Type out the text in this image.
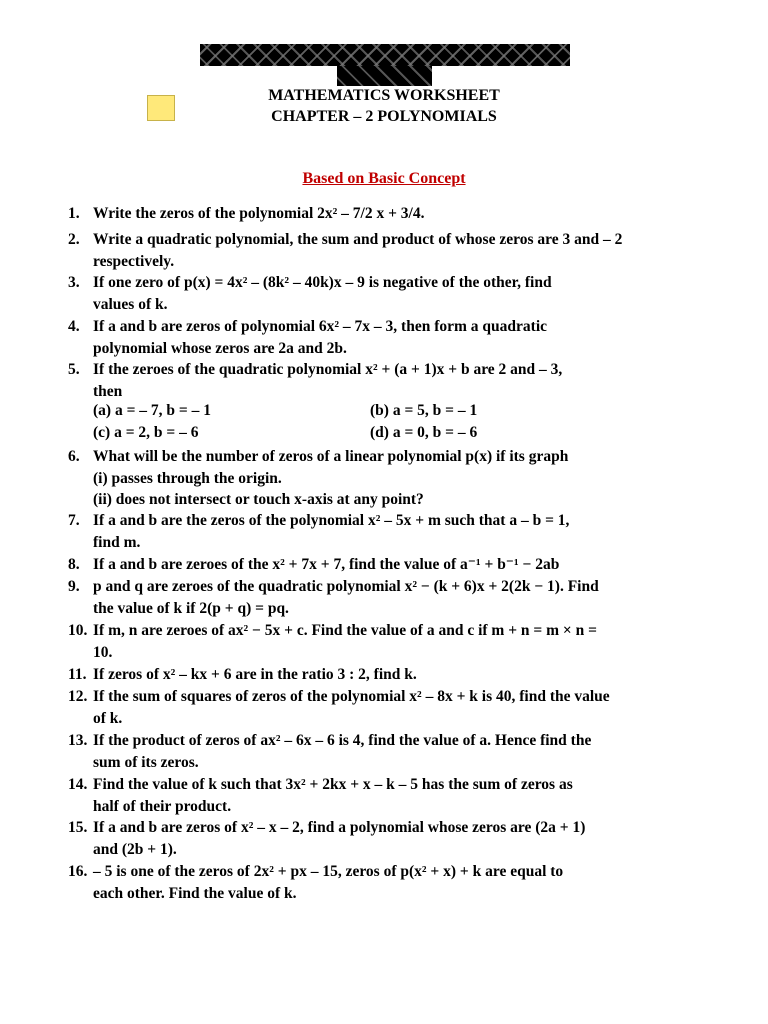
MATHEMATICS WORKSHEET
CHAPTER – 2 POLYNOMIALS
Based on Basic Concept
1. Write the zeros of the polynomial 2x² – 7/2 x + 3/4.
2. Write a quadratic polynomial, the sum and product of whose zeros are 3 and – 2
respectively.
3. If one zero of p(x) = 4x² – (8k² – 40k)x – 9 is negative of the other, find
values of k.
4. If a and b are zeros of polynomial 6x² – 7x – 3, then form a quadratic
polynomial whose zeros are 2a and 2b.
5. If the zeroes of the quadratic polynomial x² + (a + 1)x + b are 2 and – 3,
then
(a) a = – 7, b = – 1	(b) a = 5, b = – 1
(c) a = 2, b = – 6	(d) a = 0, b = – 6
6. What will be the number of zeros of a linear polynomial p(x) if its graph
(i) passes through the origin.
(ii) does not intersect or touch x-axis at any point?
7. If a and b are the zeros of the polynomial x² – 5x + m such that a – b = 1,
find m.
8. If a and b are zeroes of the x² + 7x + 7, find the value of a⁻¹ + b⁻¹ − 2ab
9. p and q are zeroes of the quadratic polynomial x² − (k + 6)x + 2(2k − 1). Find
the value of k if 2(p + q) = pq.
10. If m, n are zeroes of ax² − 5x + c. Find the value of a and c if m + n = m × n =
10.
11. If zeros of x² – kx + 6 are in the ratio 3 : 2, find k.
12. If the sum of squares of zeros of the polynomial x² – 8x + k is 40, find the value
of k.
13. If the product of zeros of ax² – 6x – 6 is 4, find the value of a. Hence find the
sum of its zeros.
14. Find the value of k such that 3x² + 2kx + x – k – 5 has the sum of zeros as
half of their product.
15. If a and b are zeros of x² – x – 2, find a polynomial whose zeros are (2a + 1)
and (2b + 1).
16. – 5 is one of the zeros of 2x² + px – 15, zeros of p(x² + x) + k are equal to
each other. Find the value of k.
